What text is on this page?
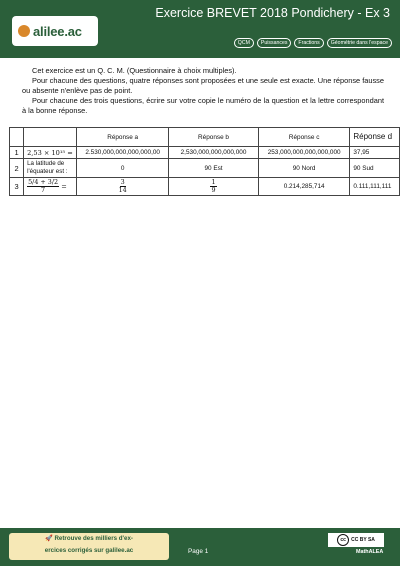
alilee.ac
Exercice BREVET 2018 Pondichery - Ex 3
QCM	Puissances	Fractions	Géométrie dans l'espace

Cet exercice est un Q. C. M. (Questionnaire à choix multiples).

Pour chacune des questions, quatre réponses sont proposées et une seule est exacte. Une réponse fausse ou absente n'enlève pas de point.

Pour chacune des trois questions, écrire sur votre copie le numéro de la question et la lettre correspondant à la bonne réponse.

		Réponse a	Réponse b	Réponse c	Réponse d
1	2,53 × 10¹⁵ =	2.530,000,000,000,000,00	2,530,000,000,000,000	253,000,000,000,000,000	37,95
2	La latitude de l'équateur est :	0	90 Est	90 Nord	90 Sud
3	$\frac{5/4 + 3/2}{7}$ =	$\frac{3}{14}$	$\frac{1}{9}$	0.214,285,714	0.111,111,111
🚀 Retrouve des milliers d'ex-
ercices corrigés sur galilee.ac	Page 1
cc	CC BY SA
MathALEA
